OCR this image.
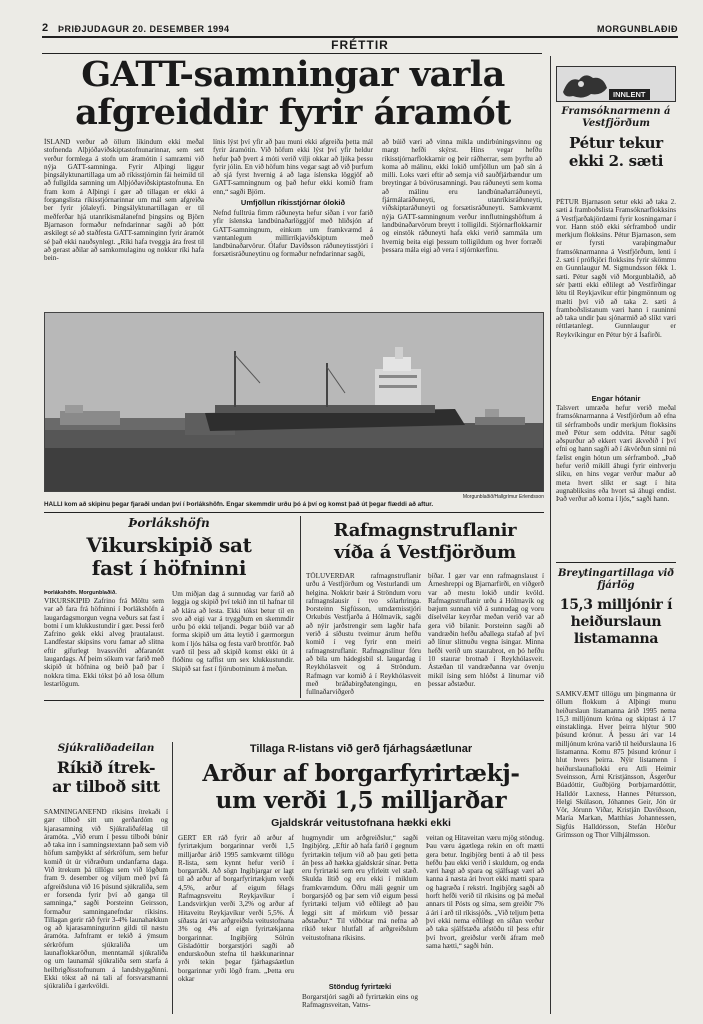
2 ÞRIÐJUDAGUR 20. DESEMBER 1994	MORGUNBLAÐIÐ
FRÉTTIR
GATT-samningar varla
afgreiddir fyrir áramót
ÍSLAND verður að öllum líkindum ekki meðal stofnenda Alþjóðaviðskiptastofnunarinnar, sem sett verður formlega á stofn um áramótin í samræmi við nýja GATT-samninga. Fyrir Alþingi liggur þingsályktunartillaga um að ríkisstjórnin fái heimild til að fullgilda samning um Alþjóðaviðskiptastofnuna. En fram kom á Alþingi í gær að tillagan er ekki á forgangslista ríkisstjórnarinnar um mál sem afgreiða ber fyrir jólaleyfi. Þingsályktunartillagan er til meðferðar hjá utanríkismálanefnd þingsins og Björn Bjarnason formaður nefndarinnar sagði að þótt æskilegt sé að staðfesta GATT-samninginn fyrir áramót sé það ekki nauðsynlegt. „Ríki hafa tveggja ára frest til að gerast aðilar að samkomulaginu og nokkur ríki hafa bein-
línis lýst því yfir að þau muni ekki afgreiða þetta mál fyrir áramótin. Við höfum ekki lýst því yfir heldur hefur það þvert á móti verið vilji okkar að ljúka þessu fyrir jólin. En við höfum hins vegar sagt að við þurfum að sjá fyrst hvernig á að laga íslenska löggjöf að GATT-samningnum og það hefur ekki komið fram enn,“ sagði Björn.
Umfjöllun ríkisstjórnar ólokið
Nefnd fulltrúa fimm ráðuneyta hefur síðan í vor farið yfir íslenska landbúnaðarlöggjöf með hliðsjón af GATT-samningnum, einkum um framkvæmd á væntanlegum millirríkjaviðskiptum með landbúnaðarvörur. Ólafur Davíðsson ráðuneytisstjóri í forsætisráðuneytinu og formaður nefndarinnar sagði,
að búið væri að vinna mikla undirbúningsvinnu og margt hefði skýrst. Hins vegar hefðu ríkisstjórnarflokkarnir og þeir ráðherrar, sem þyrftu að koma að málinu, ekki lokið umfjöllun um það sín á milli. Loks væri eftir að semja við sauðfjárbændur um breytingar á búvörusamningi. Þau ráðuneyti sem koma að málinu eru landbúnaðarráðuneyti, fjármálaráðuneyti, utanríkisráðuneyti, viðskiptaráðuneyti og forsætisráðuneyti. Samkvæmt nýja GATT-samningnum verður innflutningshöftum á landbúnaðarvörum breytt í tolligildi. Stjórnarflokkarnir og einstök ráðuneyti hafa ekki verið sammála um hvernig beita eigi þessum tolligildum og hver forræði þessara mála eigi að vera í stjórnkerfinu.
Morgunblaðið/Hallgrímur Erlendsson
HALLI kom að skipinu þegar fjaraði undan því í Þorlákshöfn. Engar skemmdir urðu þó á því og komst það út þegar flæddi að aftur.
Þorlákshöfn
Vikurskipið sat
fast í höfninni
Þorlákshöfn. Morgunblaðið.
VIKURSKIPIÐ Zafrino frá Möltu sem var að fara frá höfninni í Þorlákshöfn á laugardagsmorgun vegna veðurs sat fast í botni í um klukkustundir í gær. Þessi ferð Zafrino gekk ekki alveg þrautalaust. Landfestar skipsins voru famar að slitna eftir gífurlegt hvassviðri aðfaranótt laugardags. Af þeim sökum var farið með skipið út höfnina og beið það þar í nokkra tíma. Ekki tókst þó að losa öllum lestarlögum.
Um miðjan dag á sunnudag var farið að leggja og skipið því tekið inn til hafnar til að klára að lesta. Ekki tókst betur til en svo að eigi var á tryggðum en skemmdir urðu þó ekki teljandi. Þegar búið var að forma skipið um átta leytið í gærmorgun kom í ljós hálsa og festa varð brottför. Það varð til þess að skipið komst ekki út á flóðinu og taffist um sex klukkustundir. Skipið sat fast í fjörubotninum á meðan.
Rafmagnstruflanir
víða á Vestfjörðum
TÖLUVERÐAR rafmagnstruflanir urðu á Vestfjörðum og Vesturlandi um helgina. Nokkrir bæir á Ströndum voru rafmagnslausir í tvo sólarhringa. Þorsteinn Sigfússon, umdæmisstjóri Orkubús Vestfjarða á Hólmavík, sagði að nýir jarðstrengir sem lagðir hafa verið á síðustu tveimur árum hefðu komið í veg fyrir enn meiri rafmagnstruflanir. Rafmagnslínur fóru að bila um hádegisbil sl. laugardag í Reykhólasveit og á Ströndum. Rafmagn var komið á í Reykhólasveit með bráðabirgðatengingu, en fullnaðarviðgerð
bíðar. Í gær var enn rafmagnslaust í Árneshreppi og Bjarnarfirði, en viðgerð var að mestu lokið undir kvöld. Rafmagnstruflanir urðu á Hólmavík og bæjum sunnan við á sunnudag og voru díselvélar keyrðar meðan verið var að gera við bilanir. Þorsteinn sagði að vandræðin hefðu aðallega stafað af því að línur slitnuðu vegna ísingar. Minna hefði verið um staurabrot, en þó hefðu 10 staurar brotnað í Reykhólasveit. Ástæðan til vandræðanna var óvenju mikil ísing sem hlóðst á línurnar við þessar aðstæður.
Sjúkraliðadeilan
Ríkið ítrek-
ar tilboð sitt
SAMNINGANEFND ríkisins ítrekaði í gær tilboð sitt um gerðardóm og kjarasamning við Sjúkraliðafélag til áramóta. „Við erum í þessu tilboði búnir að taka inn í samningstextann það sem við höfum samþykkt af sérkröfum, sem hefur komið út úr viðræðum undanfarna daga. Við ítrekum þá tillögu sem við lögðum fram 9. desember og viljum með því fá afgreiðsluna við 16 þúsund sjúkraliða, sem er forsenda fyrir því að ganga til samninga,“ sagði Þorsteinn Geirsson, formaður samninganefndar ríkisins. Tillagan gerir ráð fyrir 3-4% launahækkun og að kjarasamningurinn gildi til næstu áramóta. Jafnframt er tekið á ýmsum sérkröfum sjúkraliða um launaflokkaröðun, menntamál sjúkraliða og um launamál sjúkraliða sem starfa á heilbrigðisstofnunum á landsbyggðinni. Ekki tókst að ná tali af forsvarsmanni sjúkraliða í gærkvöldi.
Tillaga R-listans við gerð fjárhagsáætlunar
Arður af borgarfyrirtækj-
um verði 1,5 milljarðar
Gjaldskrár veitustofnana hækki ekki
GERT ER ráð fyrir að arður af fyrirtækjum borgarinnar verði 1,5 milljarðar árið 1995 samkvæmt tillögu R-lista, sem kynnt hefur verið í borgarráði. Að sögn Ingibjargar er lagt til að arður af borgarfyrirtækjum verði 4,5%, arður af eigum félags Rafmagnsveitu Reykjavíkur í Landsvirkjun verði 3,2% og arður af Hitaveitu Reykjavíkur verði 5,5%. Á síðasta ári var arðgreiðsla veitustofnana 3% og 4% af eign fyrirtækjanna borgarinnar. Ingibjörg Sólrún Gísladóttir borgarstjóri sagði að endurskoðun stefna til hækkunarinnar yrði tekin þegar fjárhagsáætlun borgarinnar yrði lögð fram. „Þetta eru okkar
hugmyndir um arðgreiðslur,“ sagði Ingibjörg. „Eftir að hafa farið í gegnum fyrirtækin teljum við að þau geti þetta án þess að hækka gjaldskrár sínar. Þetta eru fyrirtæki sem eru yfirleitt vel stæð. Skulda lítið og eru ekki í miklum framkvæmdum. Öðru máli gegnir um borgarsjóð og þar sem við eigum þessi fyrirtæki teljum við eðlilegt að þau leggi sitt af mörkum við þessar aðstæður.“ Til viðbótar má nefna að ríkið tekur hlutfall af arðgreiðslum veitustofnana ríkisins.
Stöndug fyrirtæki
Borgarstjóri sagði að fyrirtækin eins og Rafmagnsveitan, Vatns-
veitan og Hitaveitan væru mjög stöndug. Þau væru ágætlega rekin en oft mætti gera betur. Ingibjörg benti á að til þess hefðu þau ekki verið í skuldum, og enda væri hægt að spara og sjálfsagt væri að kanna á næsta ári hvort ekki mætti spara og hagræða í rekstri. Ingibjörg sagði að horft hefði verið til ríkisins og þá meðal annars til Pósts og síma, sem greiðir 7% á ári í arð til ríkissjóðs. „Við teljum þetta því ekki nema eðlilegt en síðan verður að taka sjálfstæða afstöðu til þess eftir því hvort, greiðslur verði áfram með sama hætti,“ sagði hún.
INNLENT
Framsóknarmenn á Vestfjörðum
Pétur tekur ekki 2. sæti
PÉTUR Bjarnason setur ekki að taka 2. sæti á framboðslista Framsóknarflokksins á Vestfjarðakjördæmi fyrir kosningarnar í vor. Hann stóð ekki sérframboð undir merkjum flokksins. Pétur Bjarnason, sem er fyrsti varaþingmaður framsóknarmanna á Vestfjörðum, lenti í 2. sæti í prófkjöri flokksins fyrir skömmu en Gunnlaugur M. Sigmundsson fékk 1. sæti. Pétur sagði við Morgunblaðið, að sér þætti ekki eðlilegt að Vestfirðingar létu til Reykjavíkur eftir þingmönnum og mælti því við að taka 2. sæti á framboðslistanum væri hann í rauninni að taka undir þau sjónarmið að slíkt væri réttlætanlegt. Gunnlaugur er Reykvíkingur en Pétur býr á Ísafirði.
Engar hótanir
Talsvert umræða hefur verið meðal framsóknarmanna á Vestfjörðum að efna til sérframboðs undir merkjum flokksins með Pétur sem oddvita. Pétur sagði aðspurður að ekkert væri ákveðið í því efni og hann sagði að í ákvörðun sinni nú fælist engin hótun um sérframboð. „Það hefur verið mikill áhugi fyrir einhverju slíku, en hins vegar verður maður að meta hvert slíkt er sagt í hita augnabliksins eða hvort sá áhugi endist. Það verður að koma í ljós,“ sagði hann.
Breytingartillaga við fjárlög
15,3 milljónir í heiðurslaun listamanna
SAMKVÆMT tillögu um þingmanna úr öllum flokkum á Alþingi munu heiðurslaun listamanna árið 1995 nema 15,3 milljónum króna og skiptast á 17 einstaklinga. Hver þeirra hlýtur 900 þúsund krónur. Á þessu ári var 14 milljónum króna varið til heiðurslauna 16 listamanna. Komu 875 þúsund krónur í hlut hvers þeirra. Nýir listamenn í heiðurslaunaflokki eru Atli Heimir Sveinsson, Árni Kristjánsson, Ásgerður Búadóttir, Guðbjörg Þorbjarnardóttir, Halldór Laxness, Hannes Pétursson, Helgi Skúlason, Jóhannes Geir, Jón úr Vör, Jórunn Viðar, Kristján Davíðsson, María Markan, Matthías Johannessen, Sigfús Halldórsson, Stefán Hörður Grímsson og Thor Vilhjálmsson.
